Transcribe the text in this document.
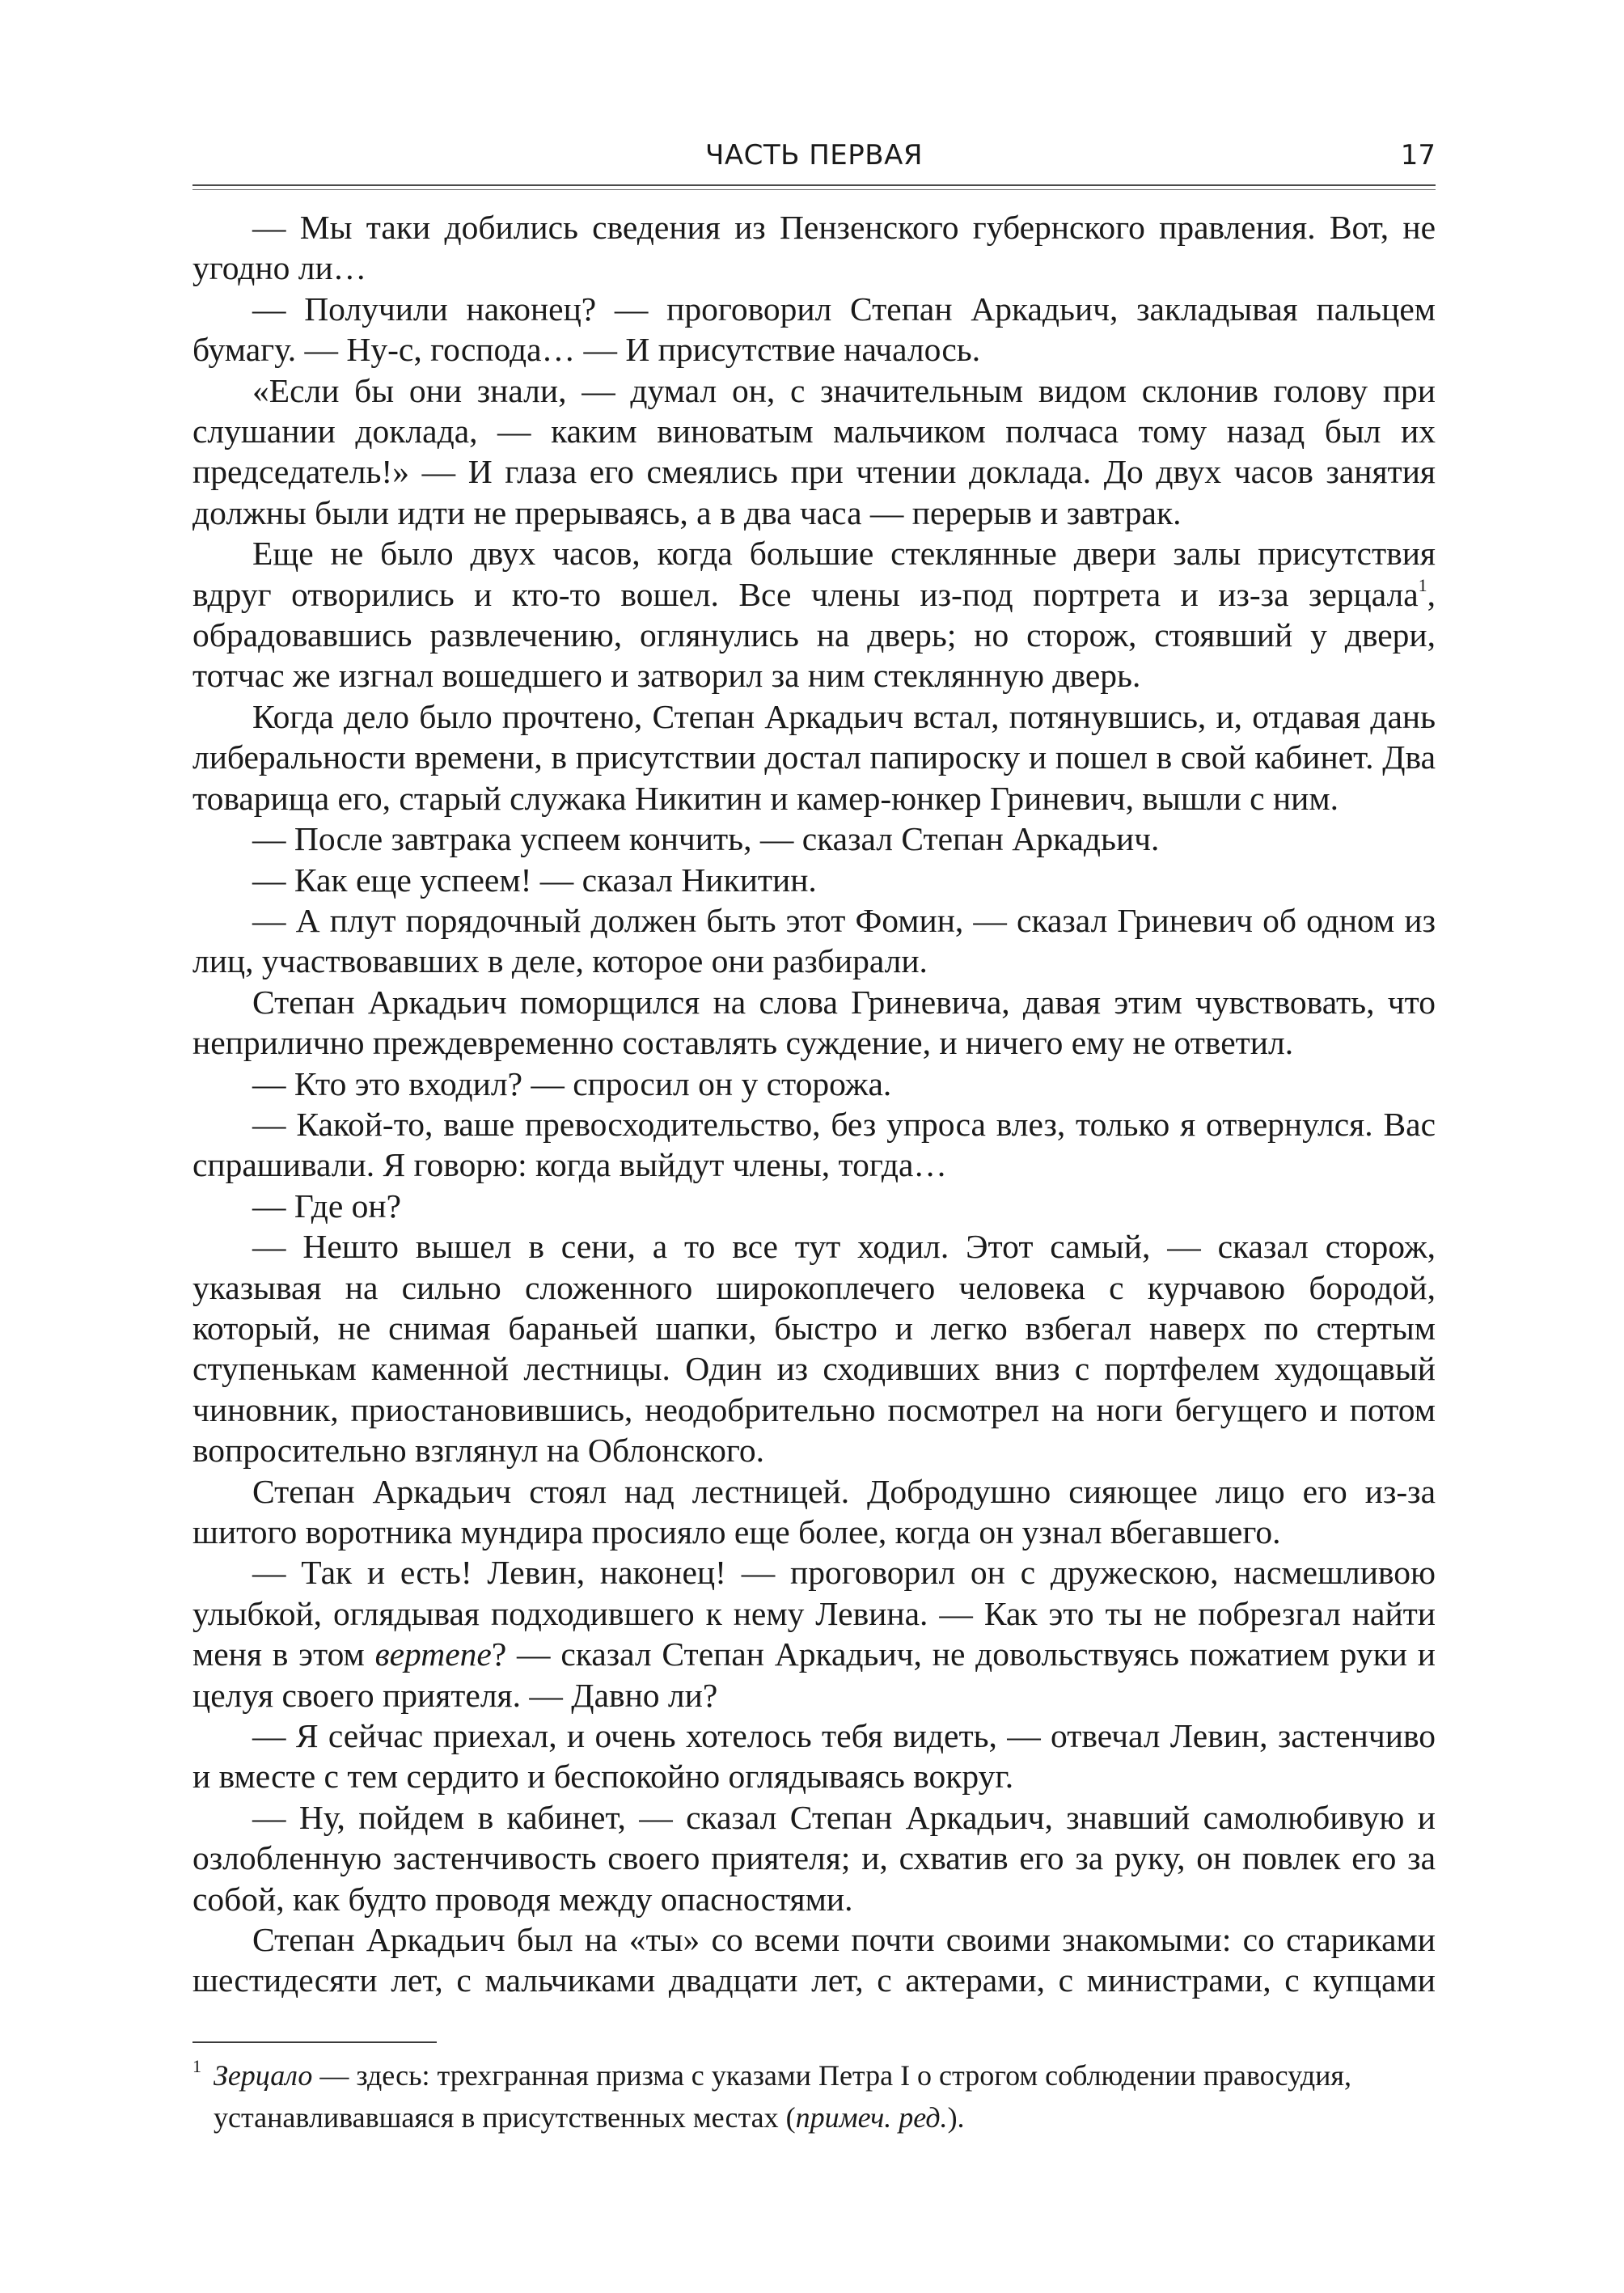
ЧАСТЬ ПЕРВАЯ	17

— Мы таки добились сведения из Пензенского губернского правления. Вот, не угодно ли…

— Получили наконец? — проговорил Степан Аркадьич, закладывая пальцем бумагу. — Ну-с, господа… — И присутствие началось.

«Если бы они знали, — думал он, с значительным видом склонив голову при слушании доклада, — каким виноватым мальчиком полчаса тому назад был их председатель!» — И глаза его смеялись при чтении доклада. До двух часов занятия должны были идти не прерываясь, а в два часа — перерыв и завтрак.

Еще не было двух часов, когда большие стеклянные двери залы присутствия вдруг отворились и кто-то вошел. Все члены из-под портрета и из-за зерцала$^1$, обрадовавшись развлечению, оглянулись на дверь; но сторож, стоявший у двери, тотчас же изгнал вошедшего и затворил за ним стеклянную дверь.

Когда дело было прочтено, Степан Аркадьич встал, потянувшись, и, отдавая дань либеральности времени, в присутствии достал папироску и пошел в свой кабинет. Два товарища его, старый служака Никитин и камер-юнкер Гриневич, вышли с ним.

— После завтрака успеем кончить, — сказал Степан Аркадьич.

— Как еще успеем! — сказал Никитин.

— А плут порядочный должен быть этот Фомин, — сказал Гриневич об одном из лиц, участвовавших в деле, которое они разбирали.

Степан Аркадьич поморщился на слова Гриневича, давая этим чувствовать, что неприлично преждевременно составлять суждение, и ничего ему не ответил.

— Кто это входил? — спросил он у сторожа.

— Какой-то, ваше превосходительство, без упроса влез, только я отвернулся. Вас спрашивали. Я говорю: когда выйдут члены, тогда…

— Где он?

— Нешто вышел в сени, а то все тут ходил. Этот самый, — сказал сторож, указывая на сильно сложенного широкоплечего человека с курчавою бородой, который, не снимая бараньей шапки, быстро и легко взбегал наверх по стертым ступенькам каменной лестницы. Один из сходивших вниз с портфелем худощавый чиновник, приостановившись, неодобрительно посмотрел на ноги бегущего и потом вопросительно взглянул на Облонского.

Степан Аркадьич стоял над лестницей. Добродушно сияющее лицо его из-за шитого воротника мундира просияло еще более, когда он узнал вбегавшего.

— Так и есть! Левин, наконец! — проговорил он с дружескою, насмешливою улыбкой, оглядывая подходившего к нему Левина. — Как это ты не побрезгал найти меня в этом вертепе? — сказал Степан Аркадьич, не довольствуясь пожатием руки и целуя своего приятеля. — Давно ли?

— Я сейчас приехал, и очень хотелось тебя видеть, — отвечал Левин, застенчиво и вместе с тем сердито и беспокойно оглядываясь вокруг.

— Ну, пойдем в кабинет, — сказал Степан Аркадьич, знавший самолюбивую и озлобленную застенчивость своего приятеля; и, схватив его за руку, он повлек его за собой, как будто проводя между опасностями.

Степан Аркадьич был на «ты» со всеми почти своими знакомыми: со стариками шестидесяти лет, с мальчиками двадцати лет, с актерами, с министрами, с купцами

1 Зерцало — здесь: трехгранная призма с указами Петра I о строгом соблюдении правосудия,
устанавливавшаяся в присутственных местах (примеч. ред.).
